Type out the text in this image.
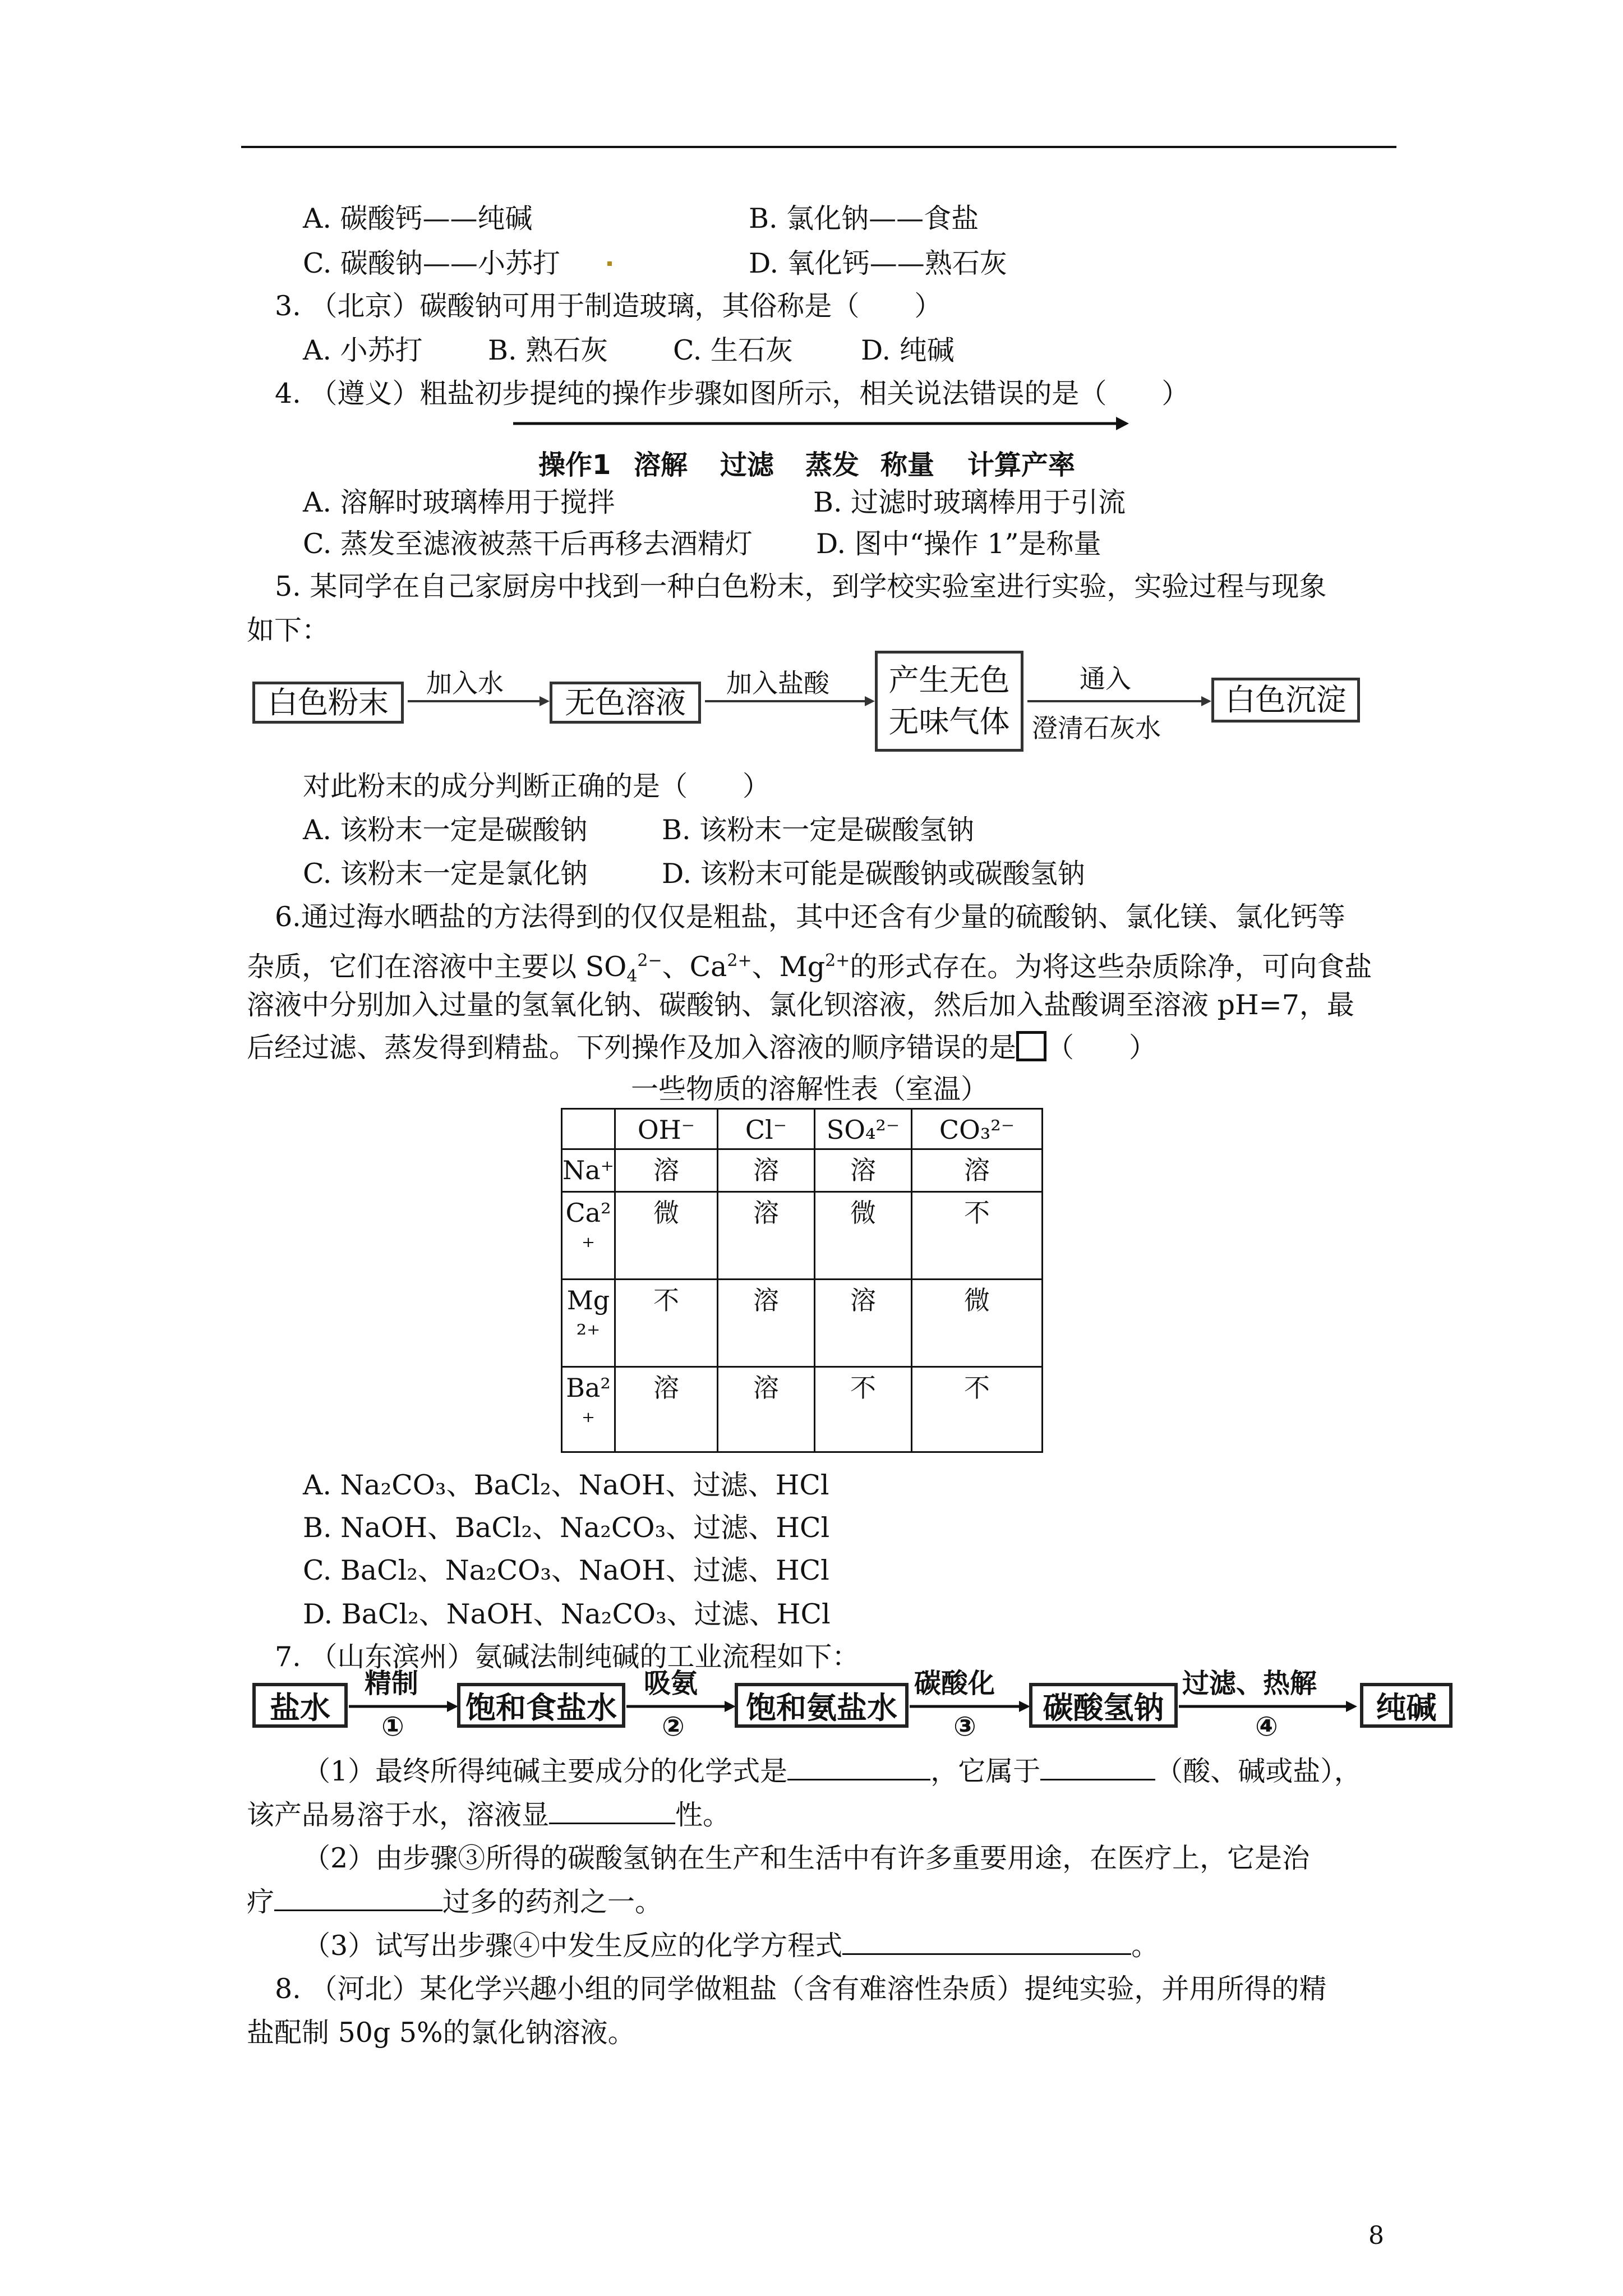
A. 碳酸钙——纯碱	B. 氯化钠——食盐
C. 碳酸钠——小苏打	D. 氧化钙——熟石灰
3. （北京）碳酸钠可用于制造玻璃，其俗称是（　　）
A. 小苏打 B. 熟石灰 C. 生石灰 D. 纯碱
4. （遵义）粗盐初步提纯的操作步骤如图所示，相关说法错误的是（　　）
操作1 溶解 过滤 蒸发 称量 计算产率
A. 溶解时玻璃棒用于搅拌	B. 过滤时玻璃棒用于引流
C. 蒸发至滤液被蒸干后再移去酒精灯 D. 图中“操作 1”是称量
5. 某同学在自己家厨房中找到一种白色粉末，到学校实验室进行实验，实验过程与现象
如下：
白色粉末
加入水
无色溶液
加入盐酸 产生无色
无味气体
通入
澄清石灰水
白色沉淀
对此粉末的成分判断正确的是（　　）
A. 该粉末一定是碳酸钠	B. 该粉末一定是碳酸氢钠
C. 该粉末一定是氯化钠	D. 该粉末可能是碳酸钠或碳酸氢钠
6.通过海水晒盐的方法得到的仅仅是粗盐，其中还含有少量的硫酸钠、氯化镁、氯化钙等
杂质，它们在溶液中主要以 $SO_4^{2-}$、$Ca^{2+}$、$Mg^{2+}$的形式存在。为将这些杂质除净，可向食盐
溶液中分别加入过量的氢氧化钠、碳酸钠、氯化钡溶液，然后加入盐酸调至溶液 pH=7，最
后经过滤、蒸发得到精盐。下列操作及加入溶液的顺序错误的是 （　　）
一些物质的溶解性表（室温）
	OH⁻	Cl⁻	SO₄²⁻	CO₃²⁻
Na⁺	溶	溶	溶	溶
Ca²⁺	微	溶	微	不
Mg²⁺	不	溶	溶	微
Ba²⁺	溶	溶	不	不
A. Na₂CO₃、BaCl₂、NaOH、过滤、HCl
B. NaOH、BaCl₂、Na₂CO₃、过滤、HCl
C. BaCl₂、Na₂CO₃、NaOH、过滤、HCl
D. BaCl₂、NaOH、Na₂CO₃、过滤、HCl
7. （山东滨州）氨碱法制纯碱的工业流程如下：
盐水
精制
①
饱和食盐水
吸氨
②
饱和氨盐水
碳酸化
③
碳酸氢钠
过滤、热解
④
纯碱
（1）最终所得纯碱主要成分的化学式是	，它属于	（酸、碱或盐），
该产品易溶于水，溶液显	性。
（2）由步骤③所得的碳酸氢钠在生产和生活中有许多重要用途，在医疗上，它是治
疗	过多的药剂之一。
（3）试写出步骤④中发生反应的化学方程式	。
8. （河北）某化学兴趣小组的同学做粗盐（含有难溶性杂质）提纯实验，并用所得的精
盐配制 50g 5%的氯化钠溶液。
8
